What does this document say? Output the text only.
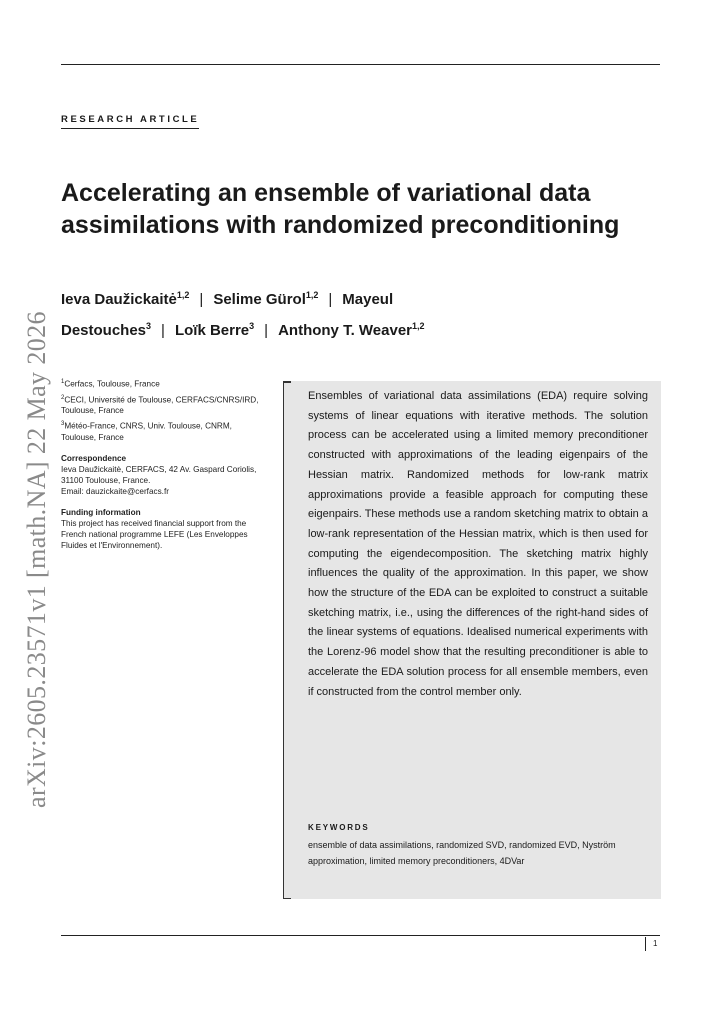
arXiv:2605.23571v1 [math.NA] 22 May 2026
RESEARCH ARTICLE
Accelerating an ensemble of variational data assimilations with randomized preconditioning
Ieva Daužickaitė$^{1,2}$ | Selime Gürol$^{1,2}$ | Mayeul
Destouches$^3$ | Loïk Berre$^3$ | Anthony T. Weaver$^{1,2}$

$^1$Cerfacs, Toulouse, France

$^2$CECI, Université de Toulouse, CERFACS/CNRS/IRD, Toulouse, France

$^3$Météo-France, CNRS, Univ. Toulouse, CNRM, Toulouse, France

Correspondence

Ieva Daužickaitė, CERFACS, 42 Av. Gaspard Coriolis, 31100 Toulouse, France.
Email: dauzickaite@cerfacs.fr

Funding information

This project has received financial support from the French national programme LEFE (Les Enveloppes Fluides et l'Environnement).

Ensembles of variational data assimilations (EDA) require solving systems of linear equations with iterative methods. The solution process can be accelerated using a limited memory preconditioner constructed with approximations of the leading eigenpairs of the Hessian matrix. Randomized methods for low-rank matrix approximations provide a feasible approach for computing these eigenpairs. These methods use a random sketching matrix to obtain a low-rank representation of the Hessian matrix, which is then used for computing the eigendecomposition. The sketching matrix highly influences the quality of the approximation. In this paper, we show how the structure of the EDA can be exploited to construct a suitable sketching matrix, i.e., using the differences of the right-hand sides of the linear systems of equations. Idealised numerical experiments with the Lorenz-96 model show that the resulting preconditioner is able to accelerate the EDA solution process for all ensemble members, even if constructed from the control member only.

KEYWORDS
ensemble of data assimilations, randomized SVD, randomized EVD, Nyström approximation, limited memory preconditioners, 4DVar
1
